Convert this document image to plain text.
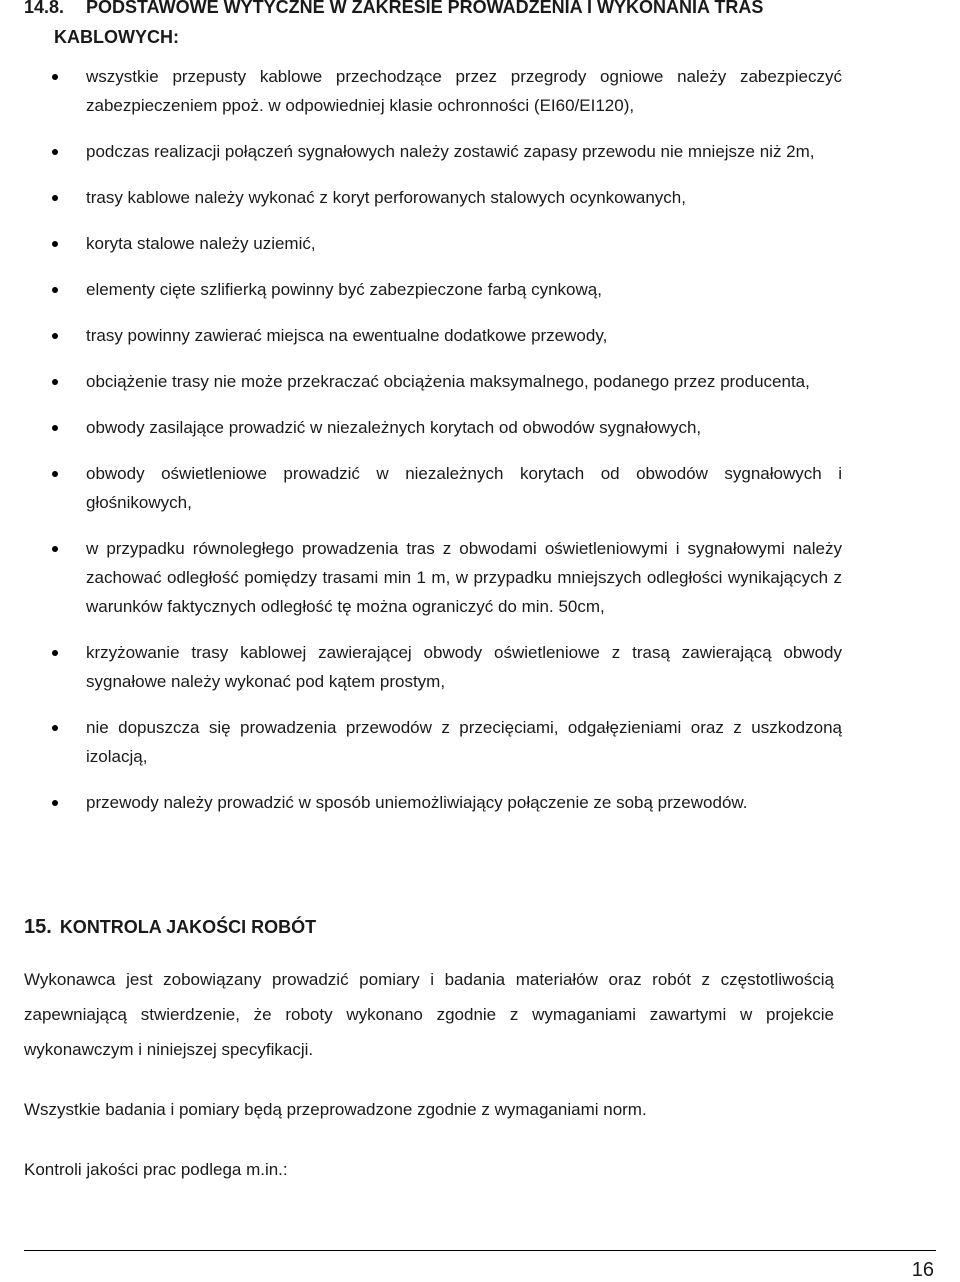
14.8. PODSTAWOWE WYTYCZNE W ZAKRESIE PROWADZENIA I WYKONANIA TRAS
KABLOWYCH:
wszystkie przepusty kablowe przechodzące przez przegrody ogniowe należy zabezpieczyć zabezpieczeniem ppoż. w odpowiedniej klasie ochronności (EI60/EI120),
podczas realizacji połączeń sygnałowych należy zostawić zapasy przewodu nie mniejsze niż 2m,
trasy kablowe należy wykonać z koryt perforowanych stalowych ocynkowanych,
koryta stalowe należy uziemić,
elementy cięte szlifierką powinny być zabezpieczone farbą cynkową,
trasy powinny zawierać miejsca na ewentualne dodatkowe przewody,
obciążenie trasy nie może przekraczać obciążenia maksymalnego, podanego przez producenta,
obwody zasilające prowadzić w niezależnych korytach od obwodów sygnałowych,
obwody oświetleniowe prowadzić w niezależnych korytach od obwodów sygnałowych i głośnikowych,
w przypadku równoległego prowadzenia tras z obwodami oświetleniowymi i sygnałowymi należy zachować odległość pomiędzy trasami min 1 m, w przypadku mniejszych odległości wynikających z warunków faktycznych odległość tę można ograniczyć do min. 50cm,
krzyżowanie trasy kablowej zawierającej obwody oświetleniowe z trasą zawierającą obwody sygnałowe należy wykonać pod kątem prostym,
nie dopuszcza się prowadzenia przewodów z przecięciami, odgałęzieniami oraz z uszkodzoną izolacją,
przewody należy prowadzić w sposób uniemożliwiający połączenie ze sobą przewodów.
15. KONTROLA JAKOŚCI ROBÓT

Wykonawca jest zobowiązany prowadzić pomiary i badania materiałów oraz robót z częstotliwością zapewniającą stwierdzenie, że roboty wykonano zgodnie z wymaganiami zawartymi w projekcie wykonawczym i niniejszej specyfikacji.

Wszystkie badania i pomiary będą przeprowadzone zgodnie z wymaganiami norm.

Kontroli jakości prac podlega m.in.:

16
